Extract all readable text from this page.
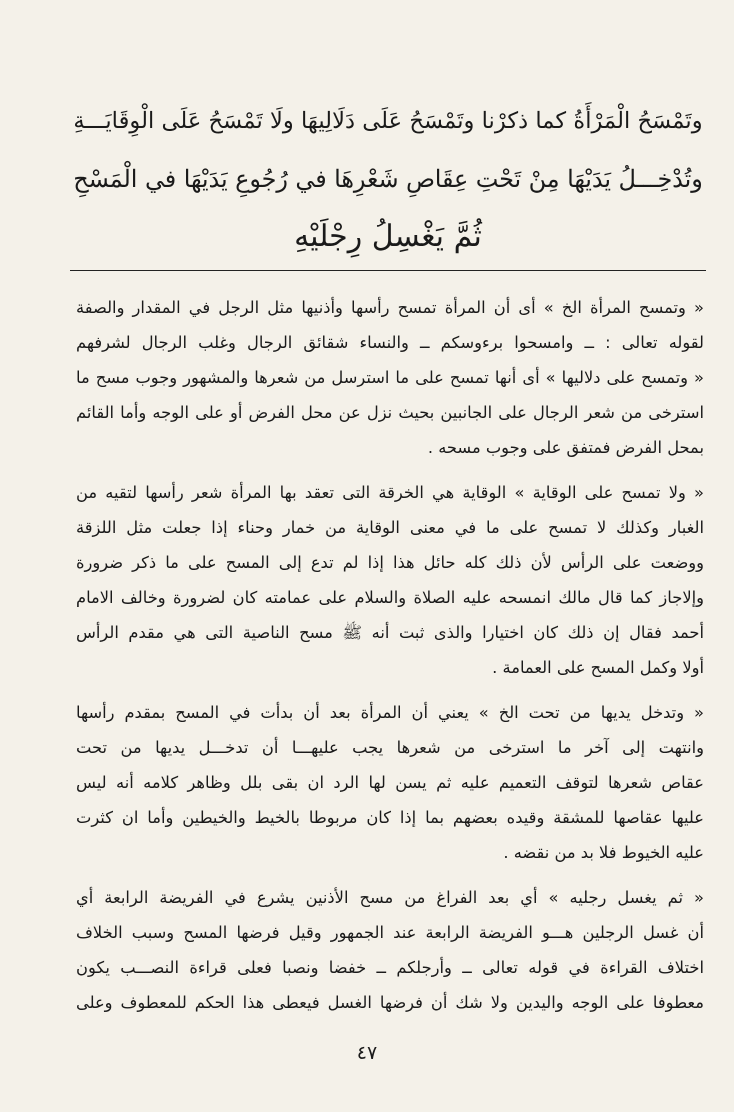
وتَمْسَحُ الْمَرْأَةُ كما ذكرْنا وتَمْسَحُ عَلَى دَلَالِيهَا ولَا تَمْسَحُ عَلَى الْوِقَايَـــةِ
وتُدْخِـــلُ يَدَيْهَا مِنْ تَحْتِ عِقَاصِ شَعْرِهَا في رُجُوعِ يَدَيْهَا في الْمَسْحِ
ثُمَّ يَغْسِلُ رِجْلَيْهِ
« وتمسح المرأة الخ » أى أن المرأة تمسح رأسها وأذنيها مثل الرجل في المقدار والصفة
لقوله تعالى : ــ وامسحوا برءوسكم ــ والنساء شقائق الرجال وغلب الرجال لشرفهم
« وتمسح على دلاليها » أى أنها تمسح على ما استرسل من شعرها والمشهور وجوب مسح ما
استرخى من شعر الرجال على الجانبين بحيث نزل عن محل الفرض أو على الوجه وأما القائم
بمحل الفرض فمتفق على وجوب مسحه .
« ولا تمسح على الوقاية » الوقاية هي الخرقة التى تعقد بها المرأة شعر رأسها لتقيه من
الغبار وكذلك لا تمسح على ما في معنى الوقاية من خمار وحناء إذا جعلت مثل اللزقة
ووضعت على الرأس لأن ذلك كله حائل هذا إذا لم تدع إلى المسح على ما ذكر ضرورة
وإلاجاز كما قال مالك انمسحه عليه الصلاة والسلام على عمامته كان لضرورة وخالف الامام
أحمد فقال إن ذلك كان اختيارا والذى ثبت أنه ﷺ مسح الناصية التى هي مقدم الرأس
أولا وكمل المسح على العمامة .
« وتدخل يديها من تحت الخ » يعني أن المرأة بعد أن بدأت في المسح بمقدم رأسها
وانتهت إلى آخر ما استرخى من شعرها يجب عليهـــا أن تدخـــل يديها من تحت
عقاص شعرها لتوقف التعميم عليه ثم يسن لها الرد ان بقى بلل وظاهر كلامه أنه ليس
عليها عقاصها للمشقة وقيده بعضهم بما إذا كان مربوطا بالخيط والخيطين وأما ان كثرت
عليه الخيوط فلا بد من نقضه .
« ثم يغسل رجليه » أي بعد الفراغ من مسح الأذنين يشرع في الفريضة الرابعة أي
أن غسل الرجلين هـــو الفريضة الرابعة عند الجمهور وقيل فرضها المسح وسبب الخلاف
اختلاف القراءة في قوله تعالى ــ وأرجلكم ــ خفضا ونصبا فعلى قراءة النصـــب يكون
معطوفا على الوجه واليدين ولا شك أن فرضها الغسل فيعطى هذا الحكم للمعطوف وعلى
٤٧
